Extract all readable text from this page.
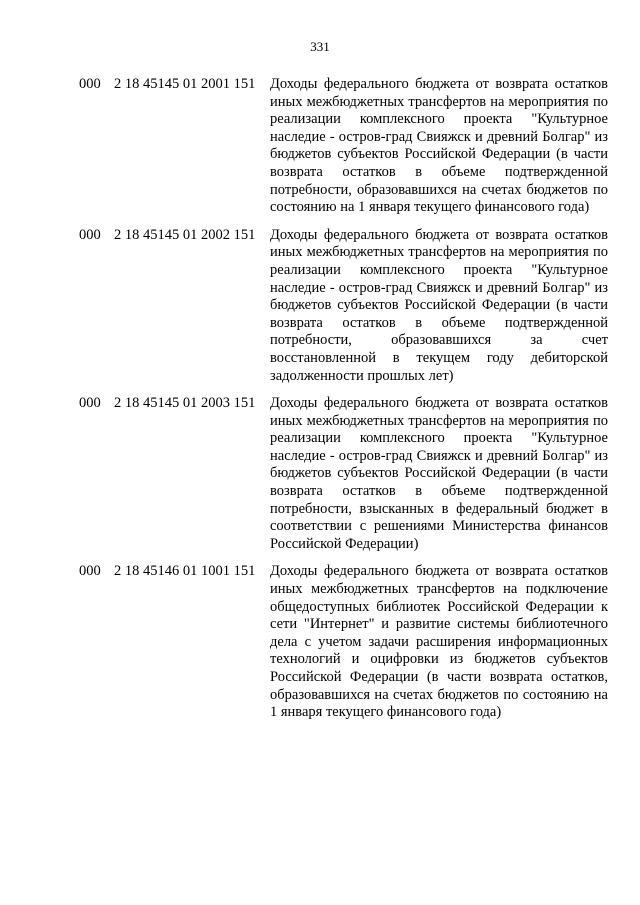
331
000 2 18 45145 01 2001 151	Доходы федерального бюджета от возврата остатков иных межбюджетных трансфертов на мероприятия по реализации комплексного проекта "Культурное наследие - остров-град Свияжск и древний Болгар" из бюджетов субъектов Российской Федерации (в части возврата остатков в объеме подтвержденной потребности, образовавшихся на счетах бюджетов по состоянию на 1 января текущего финансового года)
000 2 18 45145 01 2002 151	Доходы федерального бюджета от возврата остатков иных межбюджетных трансфертов на мероприятия по реализации комплексного проекта "Культурное наследие - остров-град Свияжск и древний Болгар" из бюджетов субъектов Российской Федерации (в части возврата остатков в объеме подтвержденной потребности, образовавшихся за счет восстановленной в текущем году дебиторской задолженности прошлых лет)
000 2 18 45145 01 2003 151	Доходы федерального бюджета от возврата остатков иных межбюджетных трансфертов на мероприятия по реализации комплексного проекта "Культурное наследие - остров-град Свияжск и древний Болгар" из бюджетов субъектов Российской Федерации (в части возврата остатков в объеме подтвержденной потребности, взысканных в федеральный бюджет в соответствии с решениями Министерства финансов Российской Федерации)
000 2 18 45146 01 1001 151	Доходы федерального бюджета от возврата остатков иных межбюджетных трансфертов на подключение общедоступных библиотек Российской Федерации к сети "Интернет" и развитие системы библиотечного дела с учетом задачи расширения информационных технологий и оцифровки из бюджетов субъектов Российской Федерации (в части возврата остатков, образовавшихся на счетах бюджетов по состоянию на 1 января текущего финансового года)
